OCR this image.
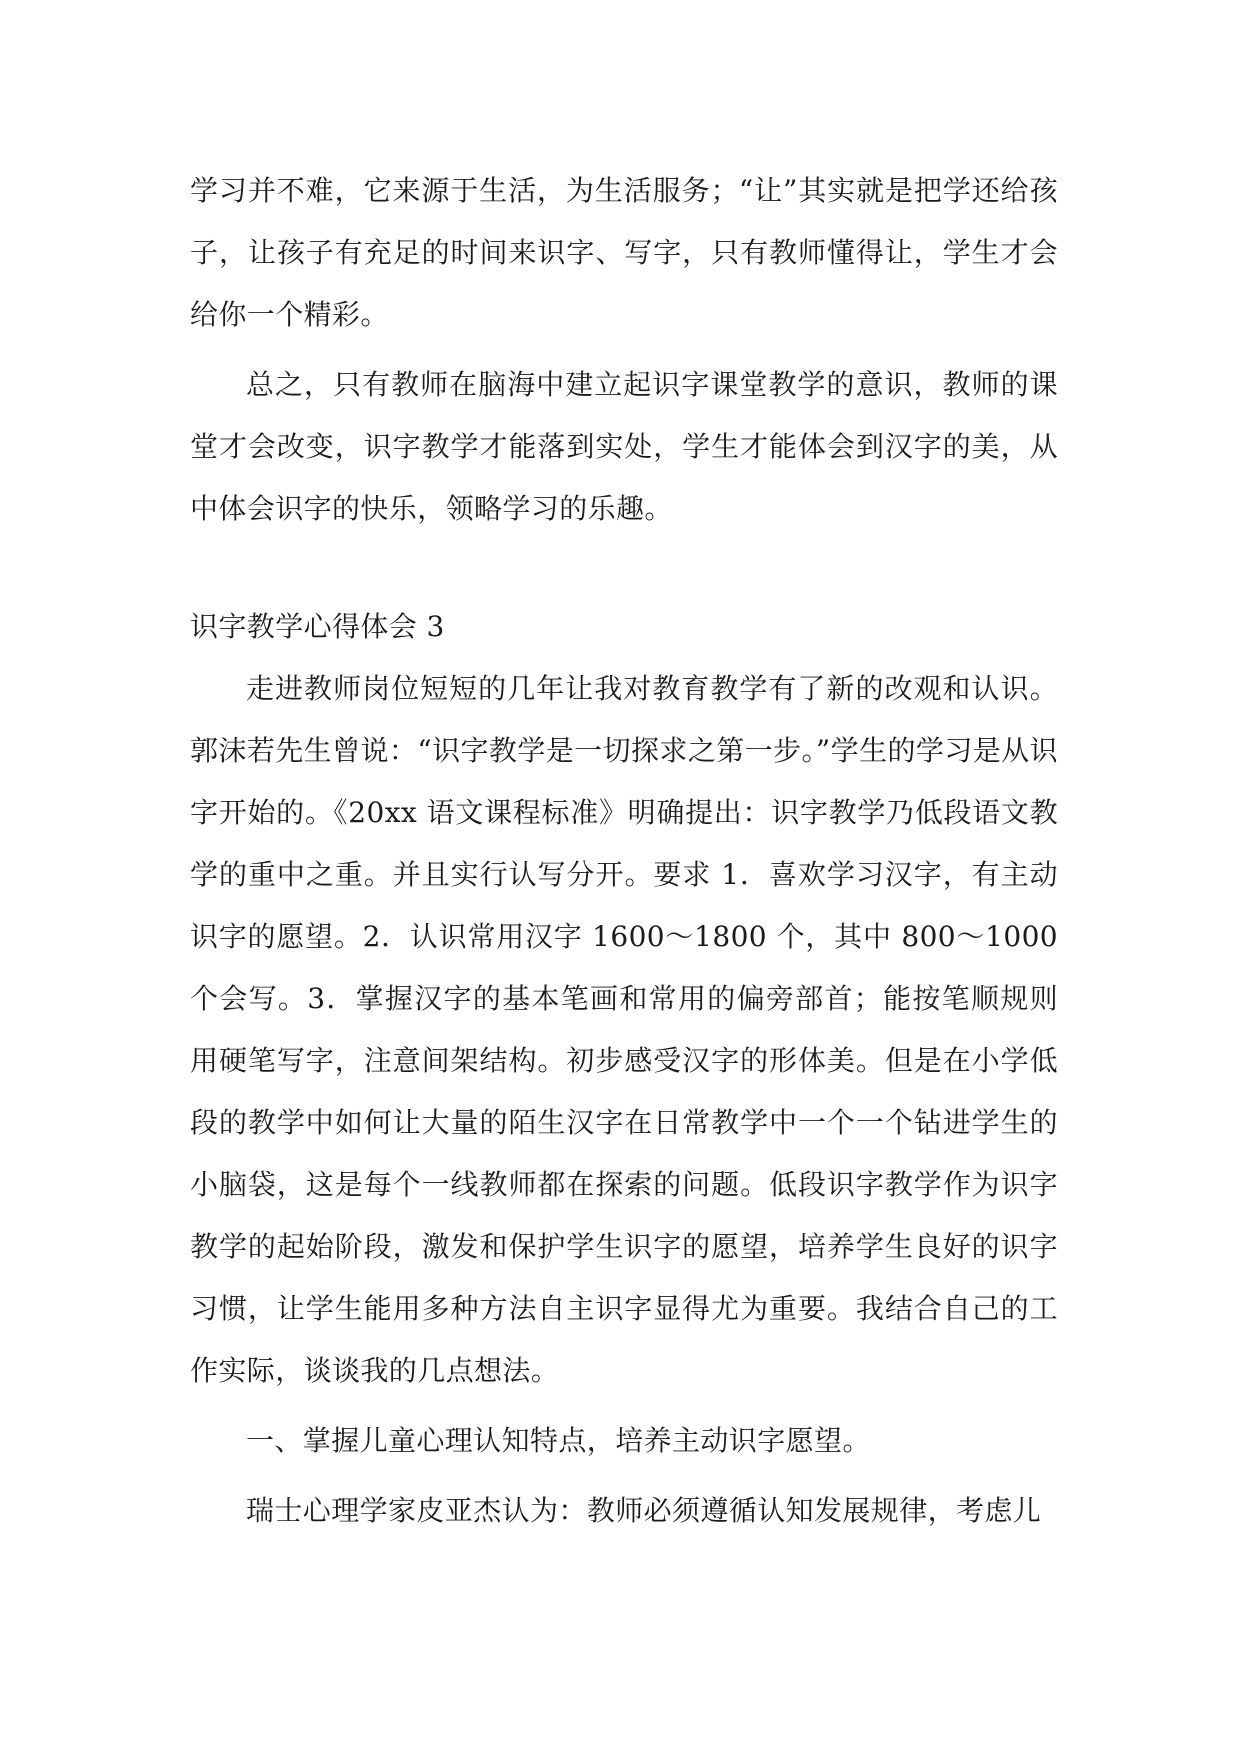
学习并不难，它来源于生活，为生活服务；“让”其实就是把学还给孩子，让孩子有充足的时间来识字、写字，只有教师懂得让，学生才会给你一个精彩。

总之，只有教师在脑海中建立起识字课堂教学的意识，教师的课堂才会改变，识字教学才能落到实处，学生才能体会到汉字的美，从中体会识字的快乐，领略学习的乐趣。

识字教学心得体会 3

走进教师岗位短短的几年让我对教育教学有了新的改观和认识。郭沫若先生曾说：“识字教学是一切探求之第一步。”学生的学习是从识字开始的。《20xx 语文课程标准》明确提出：识字教学乃低段语文教学的重中之重。并且实行认写分开。要求 1．喜欢学习汉字，有主动识字的愿望。2．认识常用汉字 1600～1800 个，其中 800～1000 个会写。3．掌握汉字的基本笔画和常用的偏旁部首；能按笔顺规则用硬笔写字，注意间架结构。初步感受汉字的形体美。但是在小学低段的教学中如何让大量的陌生汉字在日常教学中一个一个钻进学生的小脑袋，这是每个一线教师都在探索的问题。低段识字教学作为识字教学的起始阶段，激发和保护学生识字的愿望，培养学生良好的识字习惯，让学生能用多种方法自主识字显得尤为重要。我结合自己的工作实际，谈谈我的几点想法。

一、掌握儿童心理认知特点，培养主动识字愿望。

瑞士心理学家皮亚杰认为：教师必须遵循认知发展规律，考虑儿
